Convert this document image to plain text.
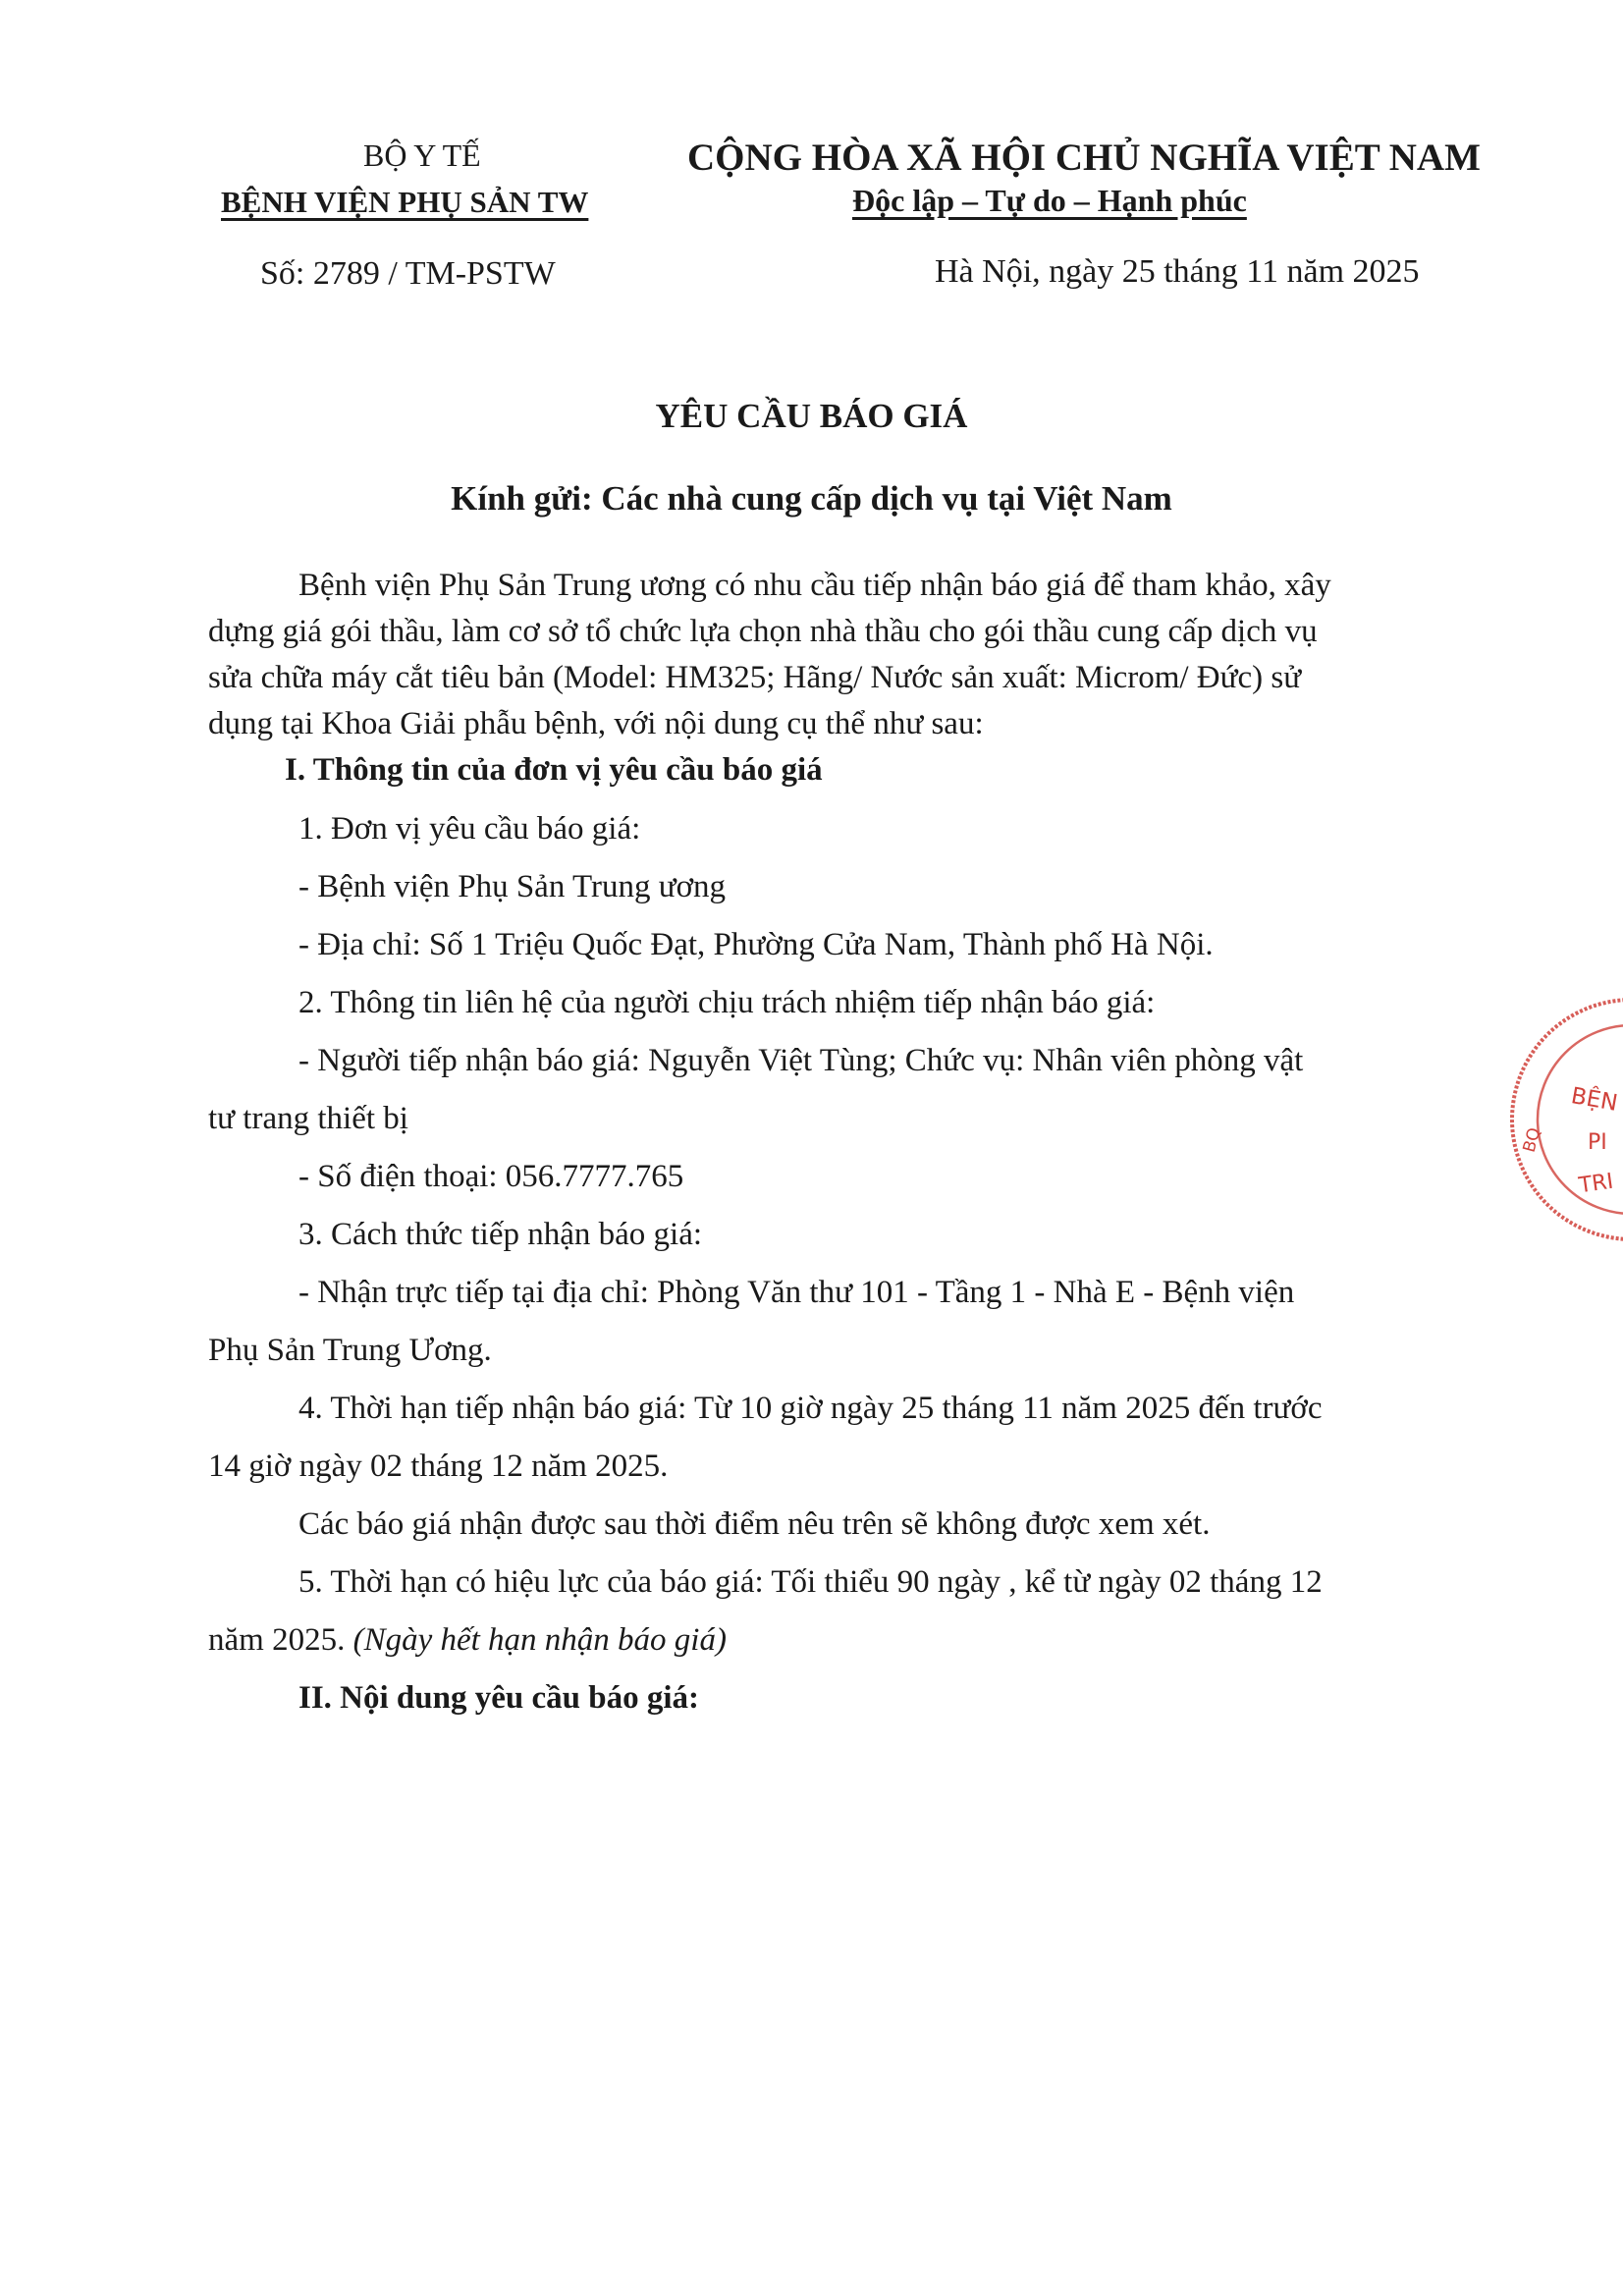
BỘ Y TẾ
BỆNH VIỆN PHỤ SẢN TW
CỘNG HÒA XÃ HỘI CHỦ NGHĨA VIỆT NAM
Độc lập – Tự do – Hạnh phúc
Số: 2789 / TM-PSTW	Hà Nội, ngày 25 tháng 11 năm 2025
YÊU CẦU BÁO GIÁ
Kính gửi: Các nhà cung cấp dịch vụ tại Việt Nam
Bệnh viện Phụ Sản Trung ương có nhu cầu tiếp nhận báo giá để tham khảo, xây
dựng giá gói thầu, làm cơ sở tổ chức lựa chọn nhà thầu cho gói thầu cung cấp dịch vụ
sửa chữa máy cắt tiêu bản (Model: HM325; Hãng/ Nước sản xuất: Microm/ Đức) sử
dụng tại Khoa Giải phẫu bệnh, với nội dung cụ thể như sau:
I. Thông tin của đơn vị yêu cầu báo giá
1. Đơn vị yêu cầu báo giá:
- Bệnh viện Phụ Sản Trung ương
- Địa chỉ: Số 1 Triệu Quốc Đạt, Phường Cửa Nam, Thành phố Hà Nội.
2. Thông tin liên hệ của người chịu trách nhiệm tiếp nhận báo giá:
- Người tiếp nhận báo giá: Nguyễn Việt Tùng; Chức vụ: Nhân viên phòng vật
tư trang thiết bị
- Số điện thoại: 056.7777.765
3. Cách thức tiếp nhận báo giá:
- Nhận trực tiếp tại địa chỉ: Phòng Văn thư 101 - Tầng 1 - Nhà E - Bệnh viện
Phụ Sản Trung Ương.
4. Thời hạn tiếp nhận báo giá: Từ 10 giờ ngày 25 tháng 11 năm 2025 đến trước
14 giờ ngày 02 tháng 12 năm 2025.
Các báo giá nhận được sau thời điểm nêu trên sẽ không được xem xét.
5. Thời hạn có hiệu lực của báo giá: Tối thiểu 90 ngày , kể từ ngày 02 tháng 12
năm 2025. (Ngày hết hạn nhận báo giá)
II. Nội dung yêu cầu báo giá:
BỆN
PI
TRI
BQ
